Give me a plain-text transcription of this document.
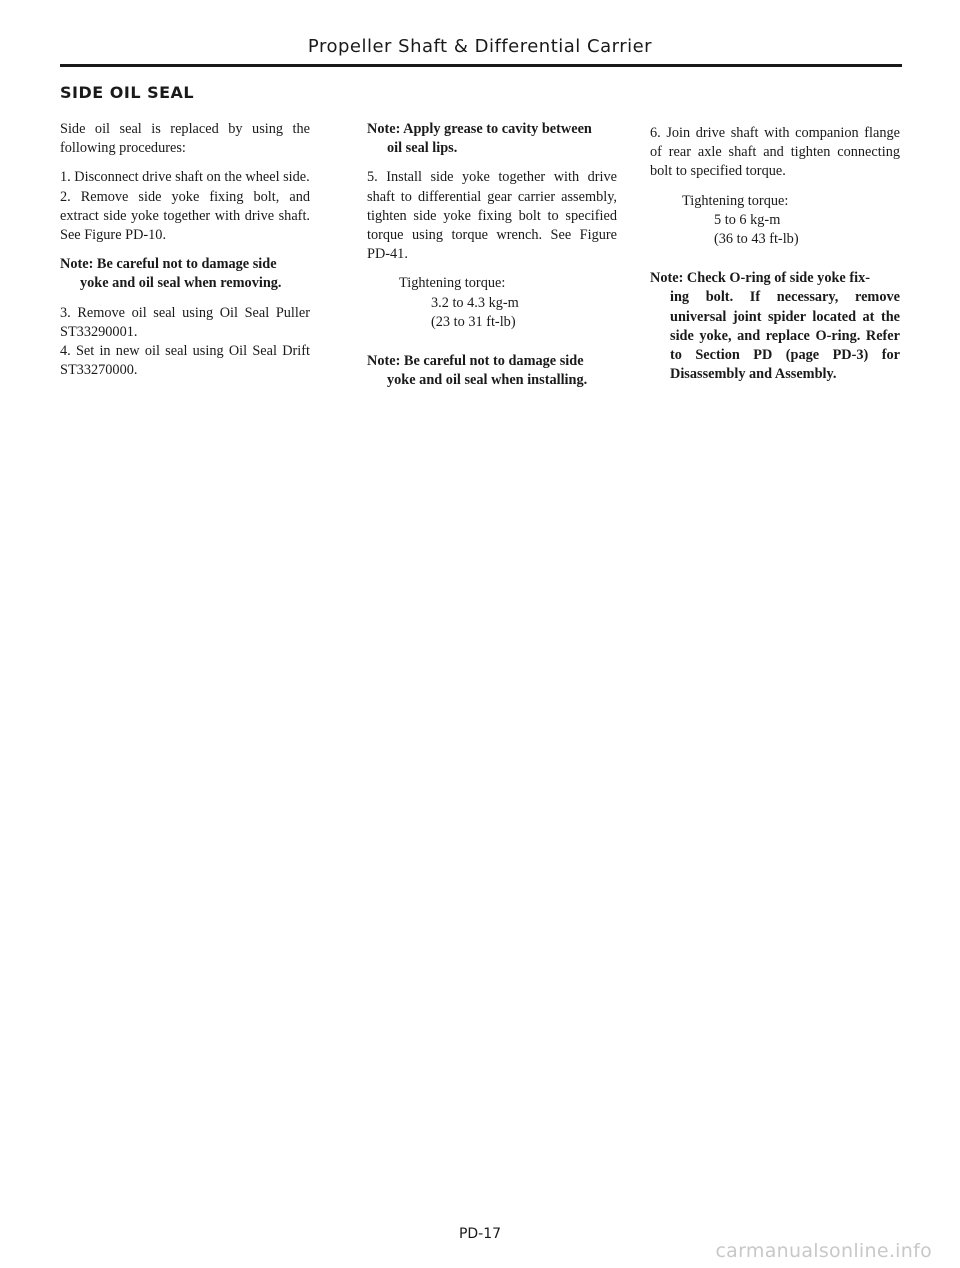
Propeller Shaft & Differential Carrier
SIDE OIL SEAL

Side oil seal is replaced by using the following procedures:

1. Disconnect drive shaft on the wheel side.

2. Remove side yoke fixing bolt, and extract side yoke together with drive shaft. See Figure PD-10.

Note: Be careful not to damage side
yoke and oil seal when removing.

3. Remove oil seal using Oil Seal Puller ST33290001.

4. Set in new oil seal using Oil Seal Drift ST33270000.

Note: Apply grease to cavity between
oil seal lips.

5. Install side yoke together with drive shaft to differential gear carrier assembly, tighten side yoke fixing bolt to specified torque using torque wrench. See Figure PD-41.

Tightening torque:
3.2 to 4.3 kg-m
(23 to 31 ft-lb)

Note: Be careful not to damage side
yoke and oil seal when installing.

6. Join drive shaft with companion flange of rear axle shaft and tighten connecting bolt to specified torque.

Tightening torque:
5 to 6 kg-m
(36 to 43 ft-lb)

Note: Check O-ring of side yoke fix-
ing bolt. If necessary, remove universal joint spider located at the side yoke, and replace O-ring. Refer to Section PD (page PD-3) for Disassembly and Assembly.

PD-17
carmanualsonline.info
